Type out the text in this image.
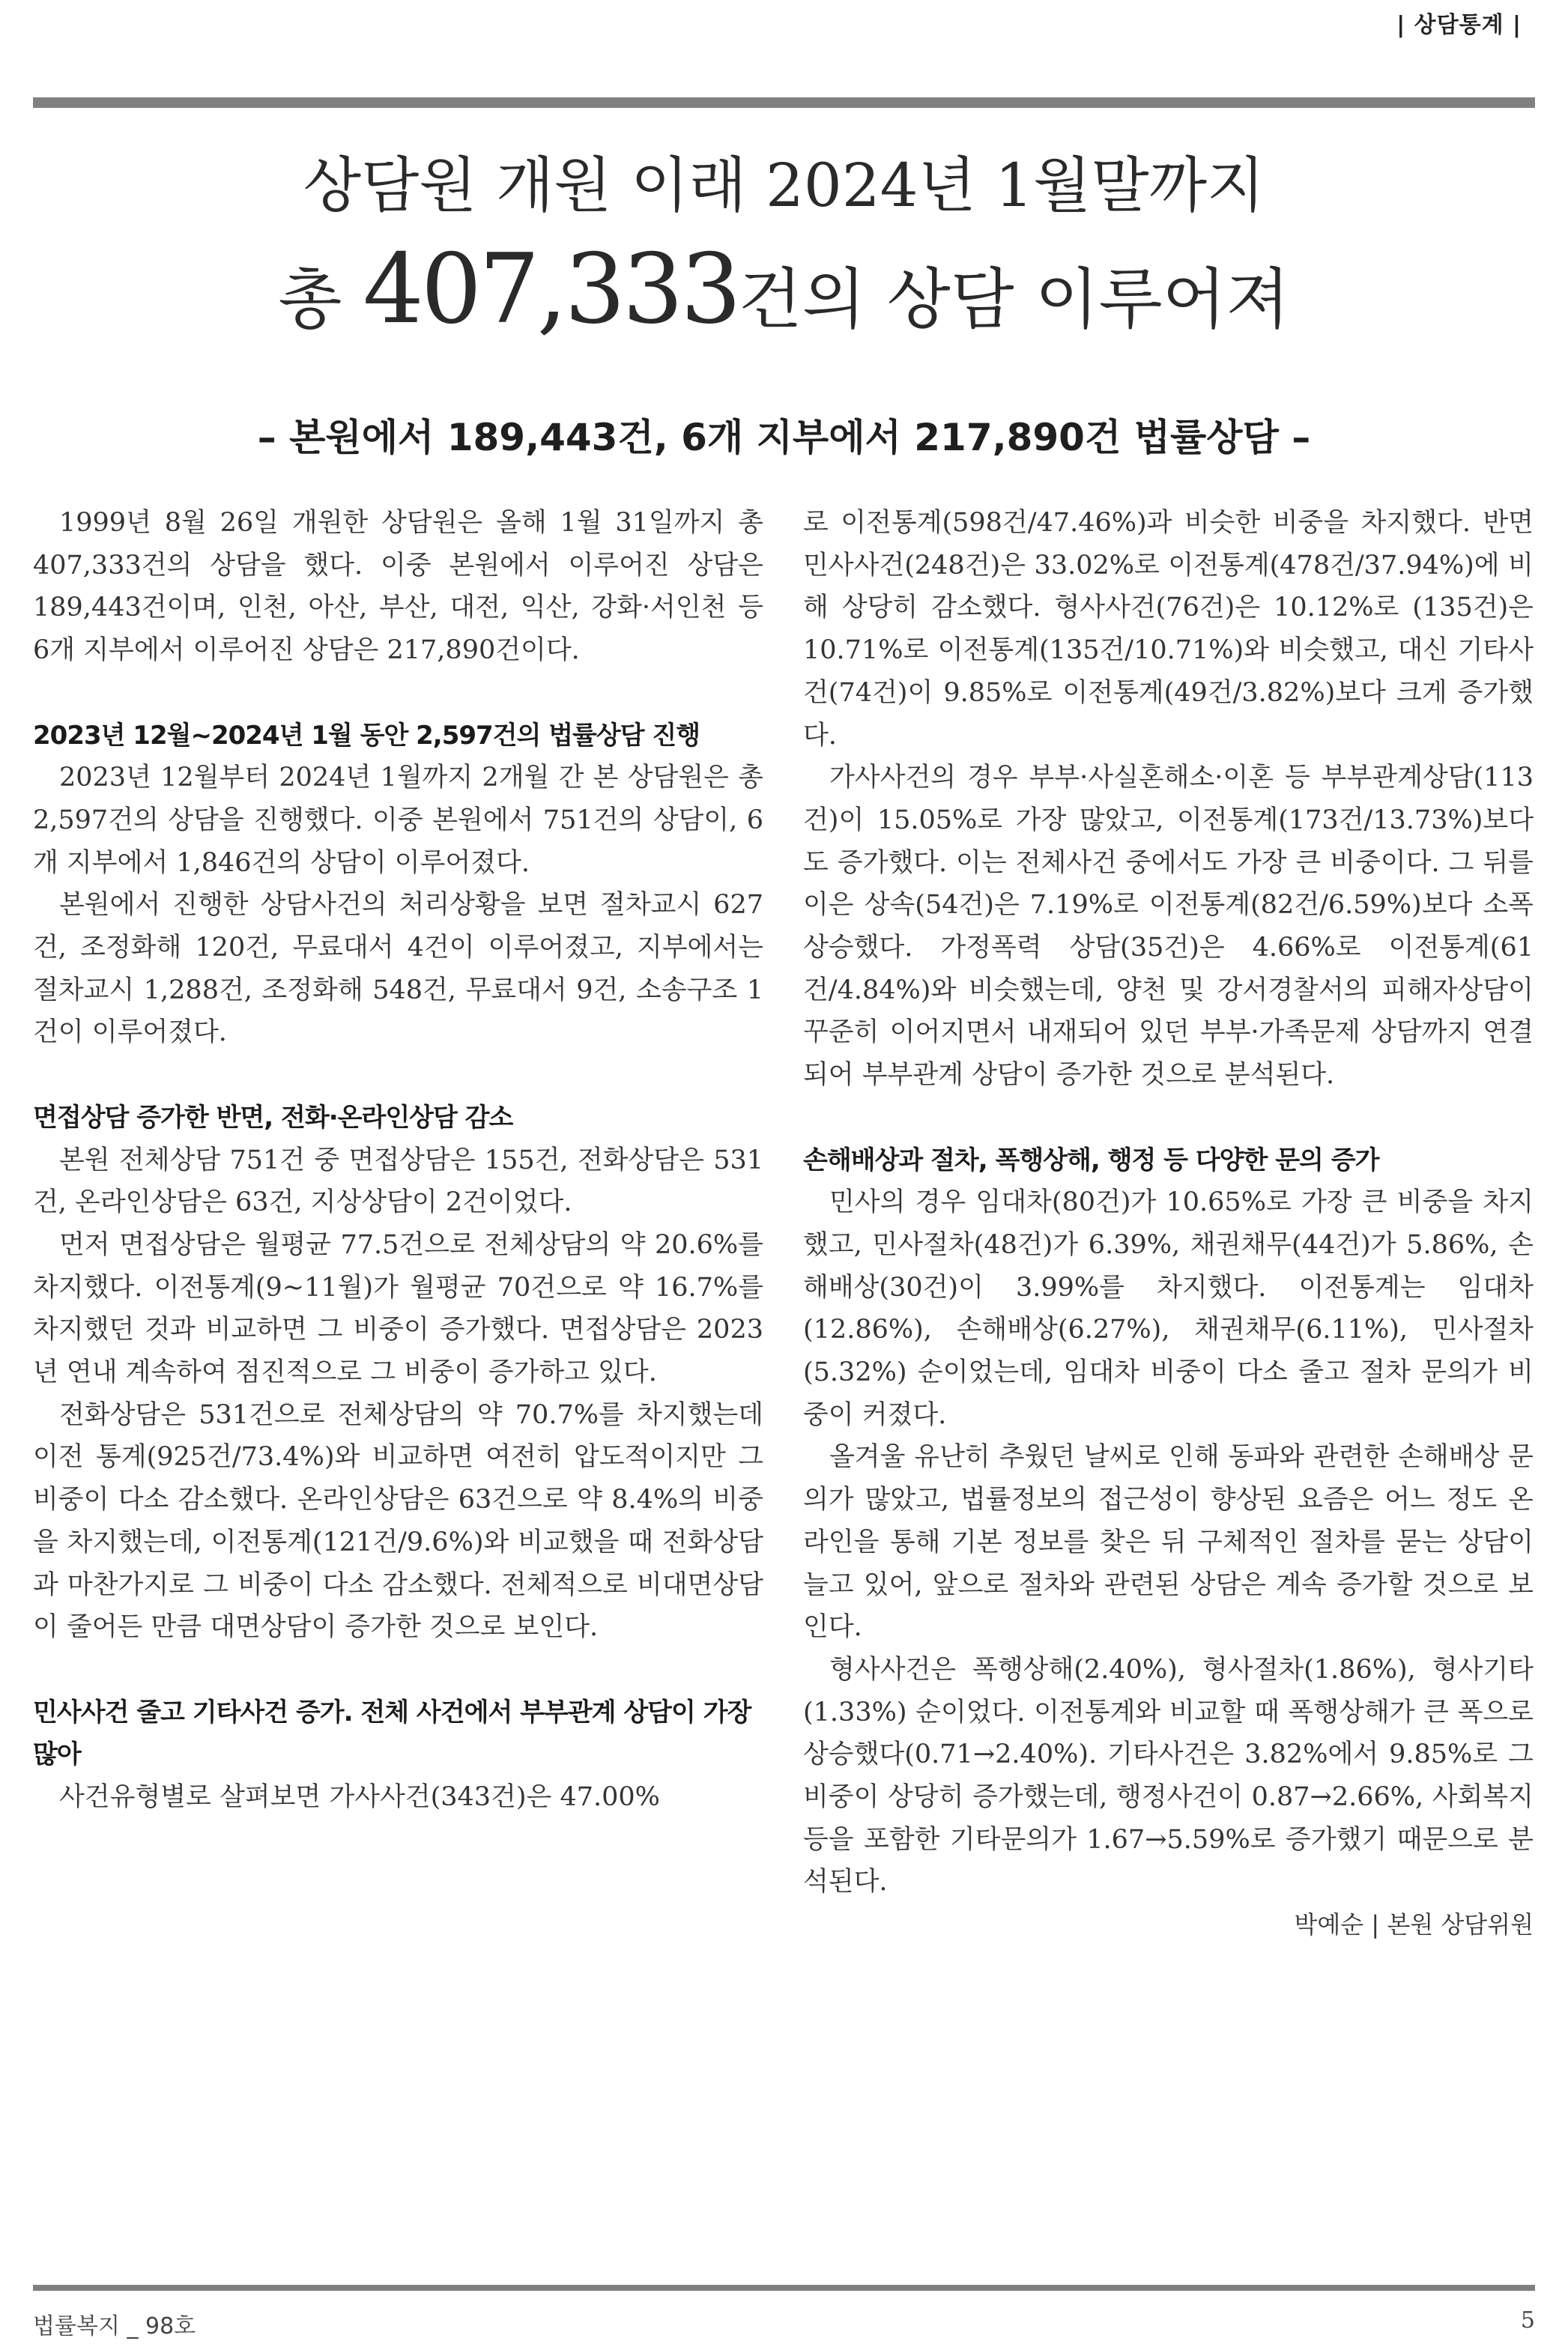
| 상담통계 |
상담원 개원 이래 2024년 1월말까지
총 407,333건의 상담 이루어져
– 본원에서 189,443건, 6개 지부에서 217,890건 법률상담 –

1999년 8월 26일 개원한 상담원은 올해 1월 31일까지 총 407,333건의 상담을 했다. 이중 본원에서 이루어진 상담은 189,443건이며, 인천, 아산, 부산, 대전, 익산, 강화·서인천 등 6개 지부에서 이루어진 상담은 217,890건이다.

2023년 12월~2024년 1월 동안 2,597건의 법률상담 진행

2023년 12월부터 2024년 1월까지 2개월 간 본 상담원은 총 2,597건의 상담을 진행했다. 이중 본원에서 751건의 상담이, 6개 지부에서 1,846건의 상담이 이루어졌다.

본원에서 진행한 상담사건의 처리상황을 보면 절차교시 627건, 조정화해 120건, 무료대서 4건이 이루어졌고, 지부에서는 절차교시 1,288건, 조정화해 548건, 무료대서 9건, 소송구조 1건이 이루어졌다.

면접상담 증가한 반면, 전화·온라인상담 감소

본원 전체상담 751건 중 면접상담은 155건, 전화상담은 531건, 온라인상담은 63건, 지상상담이 2건이었다.

먼저 면접상담은 월평균 77.5건으로 전체상담의 약 20.6%를 차지했다. 이전통계(9~11월)가 월평균 70건으로 약 16.7%를 차지했던 것과 비교하면 그 비중이 증가했다. 면접상담은 2023년 연내 계속하여 점진적으로 그 비중이 증가하고 있다.

전화상담은 531건으로 전체상담의 약 70.7%를 차지했는데 이전 통계(925건/73.4%)와 비교하면 여전히 압도적이지만 그 비중이 다소 감소했다. 온라인상담은 63건으로 약 8.4%의 비중을 차지했는데, 이전통계(121건/9.6%)와 비교했을 때 전화상담과 마찬가지로 그 비중이 다소 감소했다. 전체적으로 비대면상담이 줄어든 만큼 대면상담이 증가한 것으로 보인다.

민사사건 줄고 기타사건 증가. 전체 사건에서 부부관계 상담이 가장 많아

사건유형별로 살펴보면 가사사건(343건)은 47.00%

로 이전통계(598건/47.46%)과 비슷한 비중을 차지했다. 반면 민사사건(248건)은 33.02%로 이전통계(478건/37.94%)에 비해 상당히 감소했다. 형사사건(76건)은 10.12%로 (135건)은 10.71%로 이전통계(135건/10.71%)와 비슷했고, 대신 기타사건(74건)이 9.85%로 이전통계(49건/3.82%)보다 크게 증가했다.

가사사건의 경우 부부·사실혼해소·이혼 등 부부관계상담(113건)이 15.05%로 가장 많았고, 이전통계(173건/13.73%)보다도 증가했다. 이는 전체사건 중에서도 가장 큰 비중이다. 그 뒤를 이은 상속(54건)은 7.19%로 이전통계(82건/6.59%)보다 소폭 상승했다. 가정폭력 상담(35건)은 4.66%로 이전통계(61건/4.84%)와 비슷했는데, 양천 및 강서경찰서의 피해자상담이 꾸준히 이어지면서 내재되어 있던 부부·가족문제 상담까지 연결되어 부부관계 상담이 증가한 것으로 분석된다.

손해배상과 절차, 폭행상해, 행정 등 다양한 문의 증가

민사의 경우 임대차(80건)가 10.65%로 가장 큰 비중을 차지했고, 민사절차(48건)가 6.39%, 채권채무(44건)가 5.86%, 손해배상(30건)이 3.99%를 차지했다. 이전통계는 임대차(12.86%), 손해배상(6.27%), 채권채무(6.11%), 민사절차(5.32%) 순이었는데, 임대차 비중이 다소 줄고 절차 문의가 비중이 커졌다.

올겨울 유난히 추웠던 날씨로 인해 동파와 관련한 손해배상 문의가 많았고, 법률정보의 접근성이 향상된 요즘은 어느 정도 온라인을 통해 기본 정보를 찾은 뒤 구체적인 절차를 묻는 상담이 늘고 있어, 앞으로 절차와 관련된 상담은 계속 증가할 것으로 보인다.

형사사건은 폭행상해(2.40%), 형사절차(1.86%), 형사기타(1.33%) 순이었다. 이전통계와 비교할 때 폭행상해가 큰 폭으로 상승했다(0.71→2.40%). 기타사건은 3.82%에서 9.85%로 그 비중이 상당히 증가했는데, 행정사건이 0.87→2.66%, 사회복지 등을 포함한 기타문의가 1.67→5.59%로 증가했기 때문으로 분석된다.

박예순 | 본원 상담위원
법률복지 _ 98호	5
